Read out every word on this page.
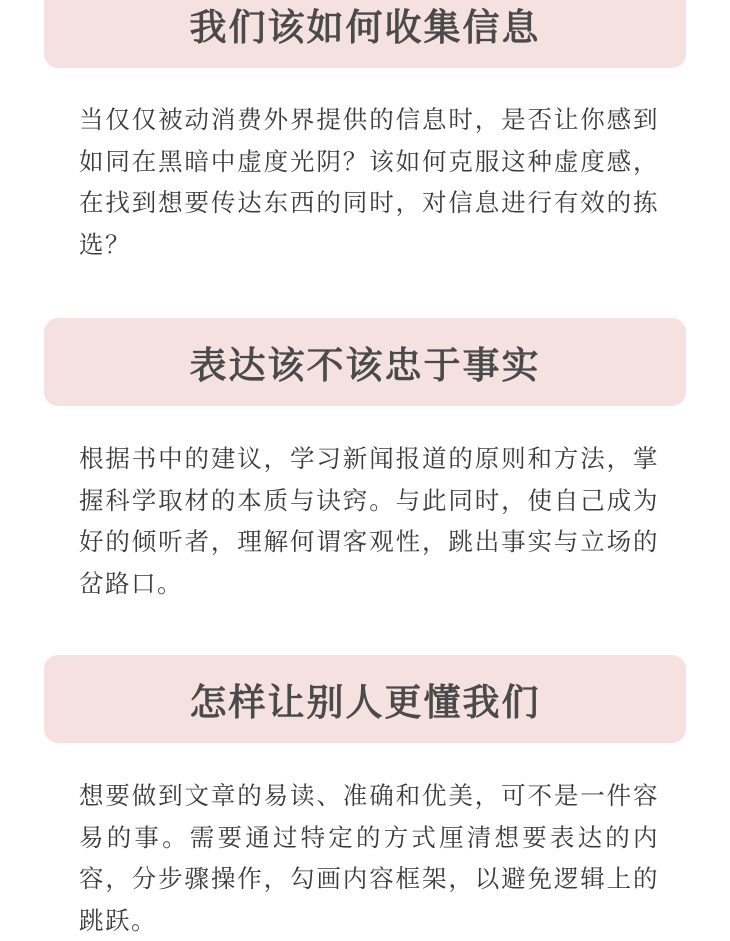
我们该如何收集信息

当仅仅被动消费外界提供的信息时，是否让你感到如同在黑暗中虚度光阴？该如何克服这种虚度感，在找到想要传达东西的同时，对信息进行有效的拣选？

表达该不该忠于事实

根据书中的建议，学习新闻报道的原则和方法，掌握科学取材的本质与诀窍。与此同时，使自己成为好的倾听者，理解何谓客观性，跳出事实与立场的岔路口。

怎样让别人更懂我们

想要做到文章的易读、准确和优美，可不是一件容易的事。需要通过特定的方式厘清想要表达的内容，分步骤操作，勾画内容框架，以避免逻辑上的跳跃。
